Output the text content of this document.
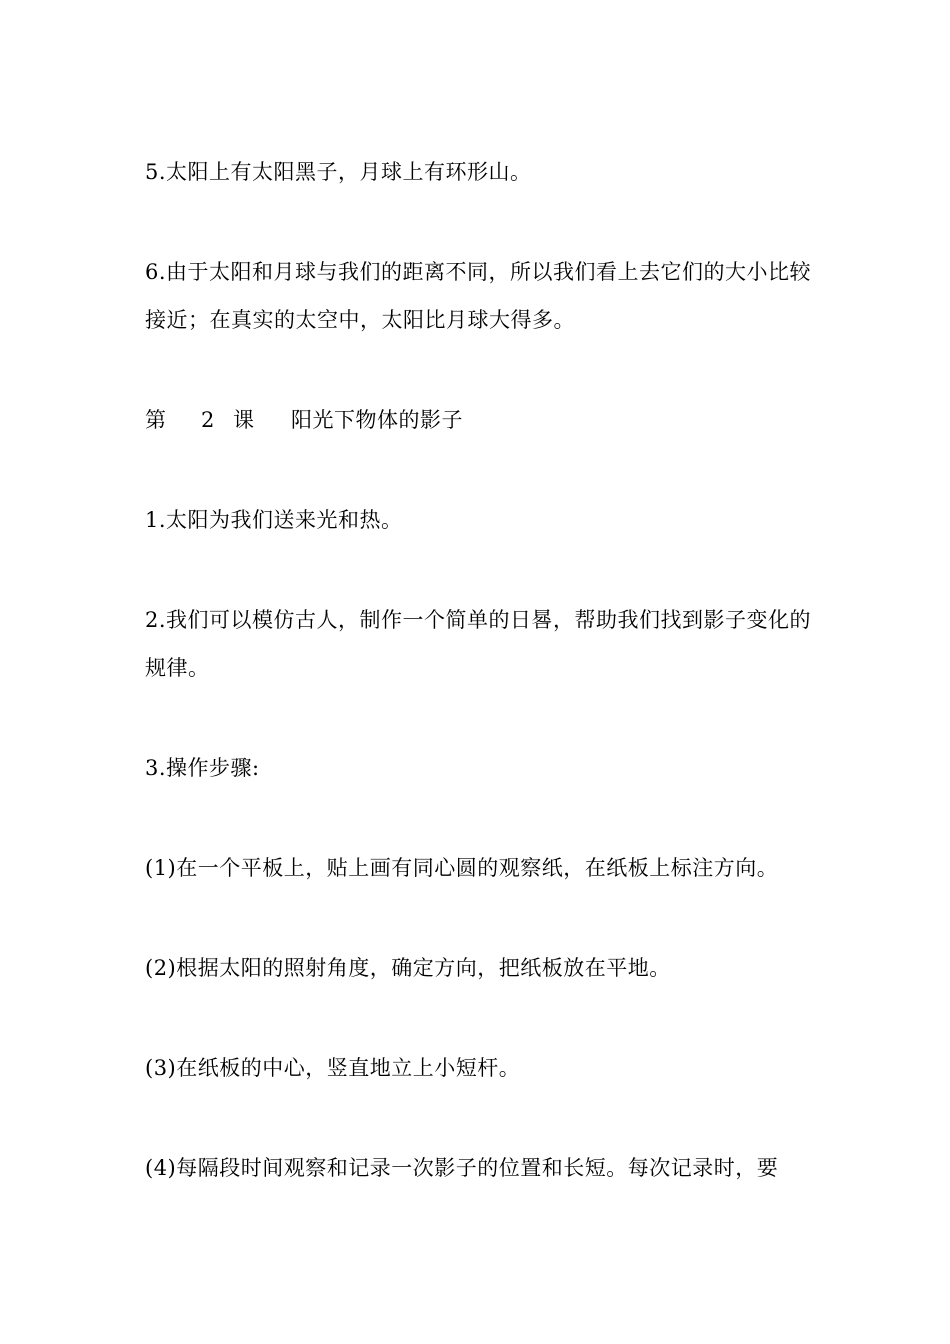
5.太阳上有太阳黑子，月球上有环形山。

6.由于太阳和月球与我们的距离不同，所以我们看上去它们的大小比较接近；在真实的太空中，太阳比月球大得多。

第 2 课 阳光下物体的影子

1.太阳为我们送来光和热。

2.我们可以模仿古人，制作一个简单的日晷，帮助我们找到影子变化的规律。

3.操作步骤:

(1)在一个平板上，贴上画有同心圆的观察纸，在纸板上标注方向。

(2)根据太阳的照射角度，确定方向，把纸板放在平地。

(3)在纸板的中心，竖直地立上小短杆。

(4)每隔段时间观察和记录一次影子的位置和长短。每次记录时，要
